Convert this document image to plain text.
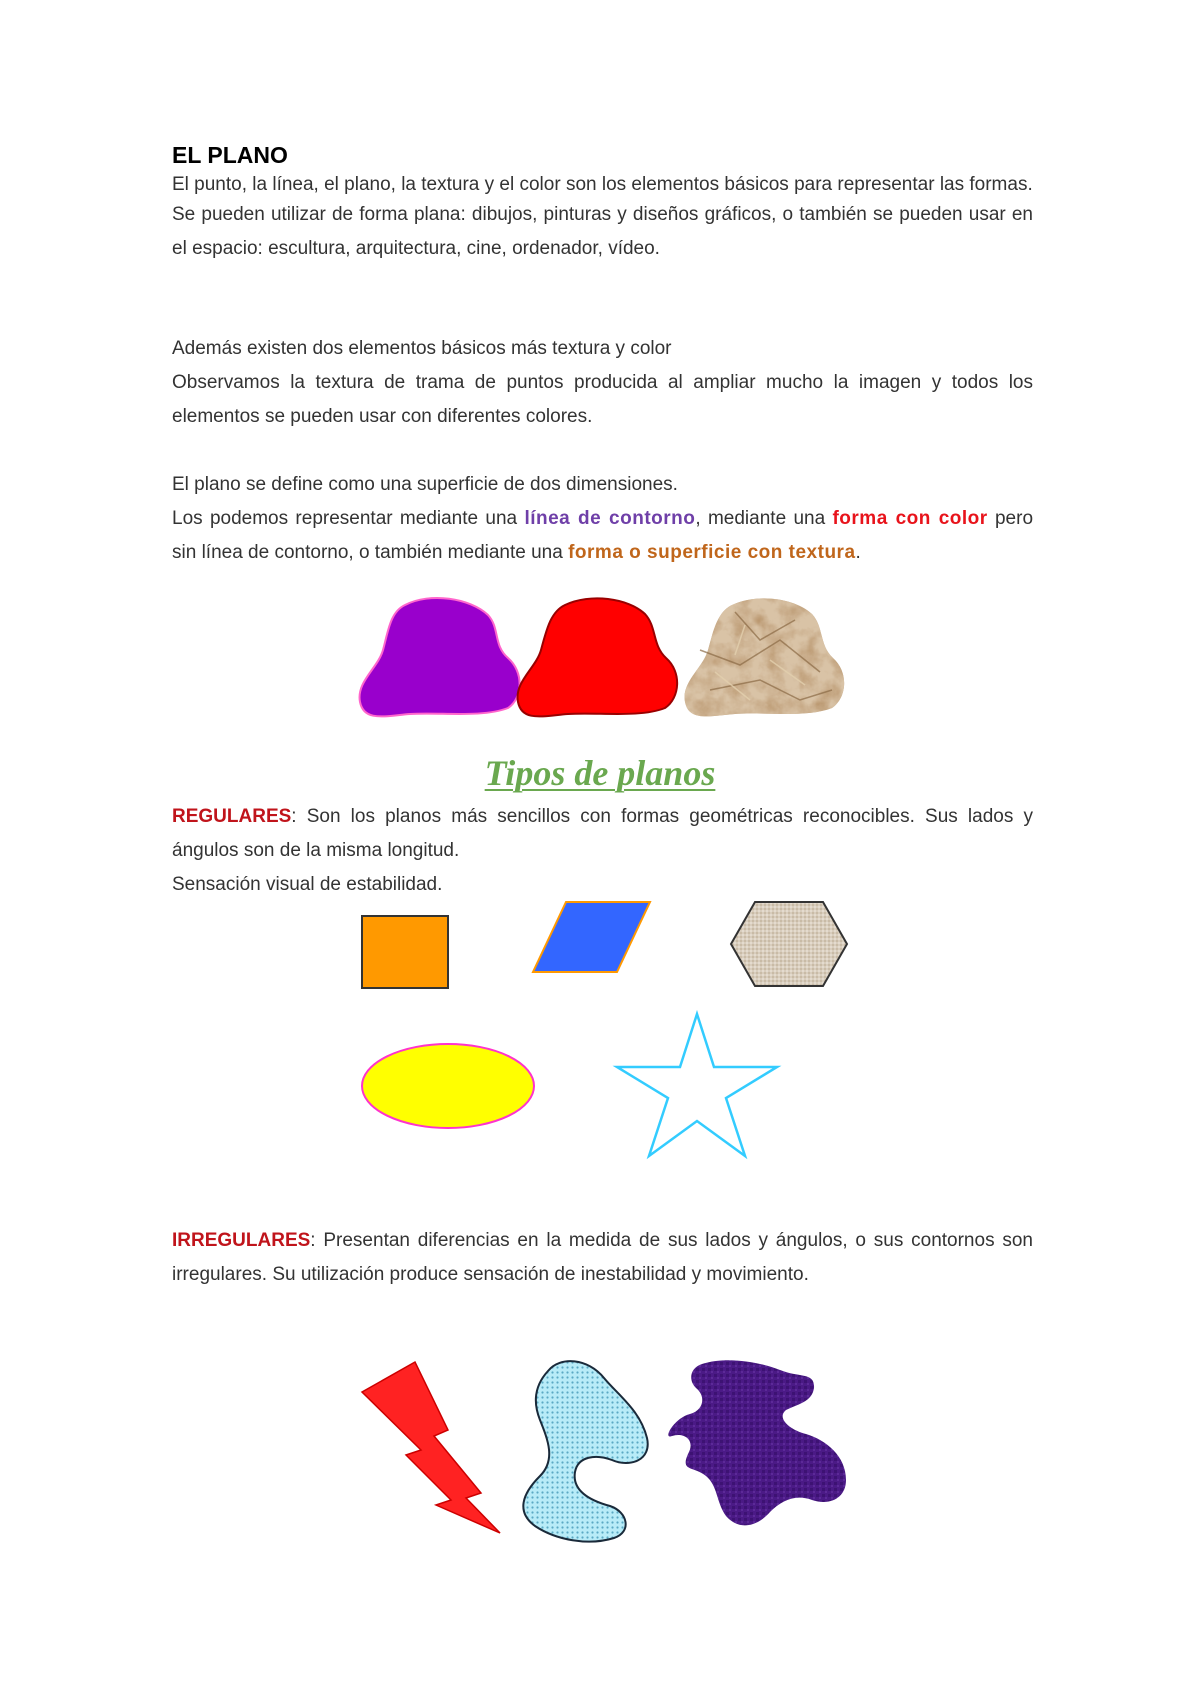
EL PLANO

El punto, la línea, el plano, la textura y el color son los elementos básicos para representar las formas.

Se pueden utilizar de forma plana: dibujos, pinturas y diseños gráficos, o también se pueden usar en el espacio: escultura, arquitectura, cine, ordenador, vídeo.

Además existen dos elementos básicos más textura y color

Observamos la textura de trama de puntos producida al ampliar mucho la imagen y todos los elementos se pueden usar con diferentes colores.

El plano se define como una superficie de dos dimensiones.

Los podemos representar mediante una línea de contorno, mediante una forma con color pero sin línea de contorno, o también mediante una forma o superficie con textura.

Tipos de planos

REGULARES: Son los planos más sencillos con formas geométricas reconocibles. Sus lados y ángulos son de la misma longitud.

Sensación visual de estabilidad.

IRREGULARES: Presentan diferencias en la medida de sus lados y ángulos, o sus contornos son irregulares. Su utilización produce sensación de inestabilidad y movimiento.
